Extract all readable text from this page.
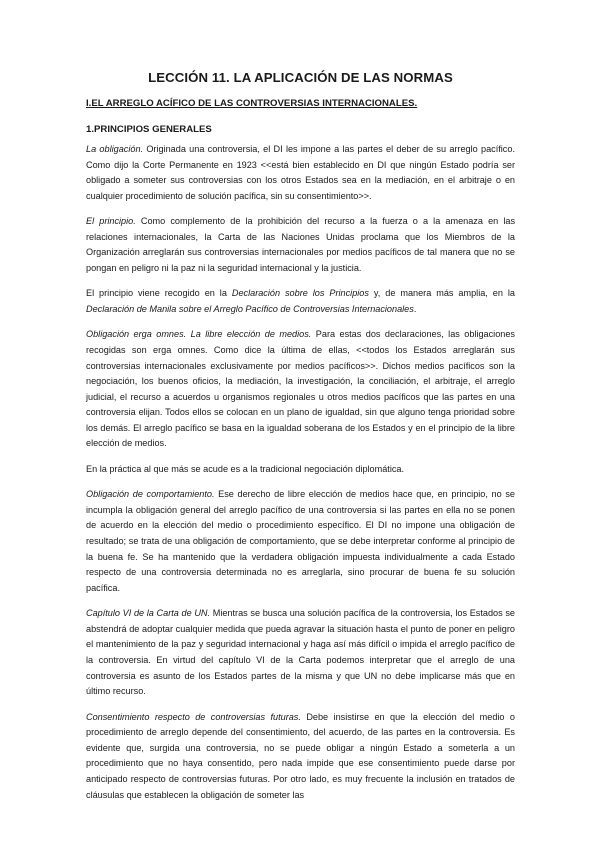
LECCIÓN 11. LA APLICACIÓN DE LAS NORMAS
I.EL ARREGLO ACÍFICO DE LAS CONTROVERSIAS INTERNACIONALES.
1.PRINCIPIOS GENERALES

La obligación. Originada una controversia, el DI les impone a las partes el deber de su arreglo pacífico. Como dijo la Corte Permanente en 1923 <<está bien establecido en DI que ningún Estado podría ser obligado a someter sus controversias con los otros Estados sea en la mediación, en el arbitraje o en cualquier procedimiento de solución pacífica, sin su consentimiento>>.

El principio. Como complemento de la prohibición del recurso a la fuerza o a la amenaza en las relaciones internacionales, la Carta de las Naciones Unidas proclama que los Miembros de la Organización arreglarán sus controversias internacionales por medios pacíficos de tal manera que no se pongan en peligro ni la paz ni la seguridad internacional y la justicia.

El principio viene recogido en la Declaración sobre los Principios y, de manera más amplia, en la Declaración de Manila sobre el Arreglo Pacífico de Controversias Internacionales.

Obligación erga omnes. La libre elección de medios. Para estas dos declaraciones, las obligaciones recogidas son erga omnes. Como dice la última de ellas, <<todos los Estados arreglarán sus controversias internacionales exclusivamente por medios pacíficos>>. Dichos medios pacíficos son la negociación, los buenos oficios, la mediación, la investigación, la conciliación, el arbitraje, el arreglo judicial, el recurso a acuerdos u organismos regionales u otros medios pacíficos que las partes en una controversia elijan. Todos ellos se colocan en un plano de igualdad, sin que alguno tenga prioridad sobre los demás. El arreglo pacífico se basa en la igualdad soberana de los Estados y en el principio de la libre elección de medios.

En la práctica al que más se acude es a la tradicional negociación diplomática.

Obligación de comportamiento. Ese derecho de libre elección de medios hace que, en principio, no se incumpla la obligación general del arreglo pacífico de una controversia si las partes en ella no se ponen de acuerdo en la elección del medio o procedimiento específico. El DI no impone una obligación de resultado; se trata de una obligación de comportamiento, que se debe interpretar conforme al principio de la buena fe. Se ha mantenido que la verdadera obligación impuesta individualmente a cada Estado respecto de una controversia determinada no es arreglarla, sino procurar de buena fe su solución pacífica.

Capítulo VI de la Carta de UN. Mientras se busca una solución pacífica de la controversia, los Estados se abstendrá de adoptar cualquier medida que pueda agravar la situación hasta el punto de poner en peligro el mantenimiento de la paz y seguridad internacional y haga así más difícil o impida el arreglo pacífico de la controversia. En virtud del capítulo VI de la Carta podemos interpretar que el arreglo de una controversia es asunto de los Estados partes de la misma y que UN no debe implicarse más que en último recurso.

Consentimiento respecto de controversias futuras. Debe insistirse en que la elección del medio o procedimiento de arreglo depende del consentimiento, del acuerdo, de las partes en la controversia. Es evidente que, surgida una controversia, no se puede obligar a ningún Estado a someterla a un procedimiento que no haya consentido, pero nada impide que ese consentimiento puede darse por anticipado respecto de controversias futuras. Por otro lado, es muy frecuente la inclusión en tratados de cláusulas que establecen la obligación de someter las
